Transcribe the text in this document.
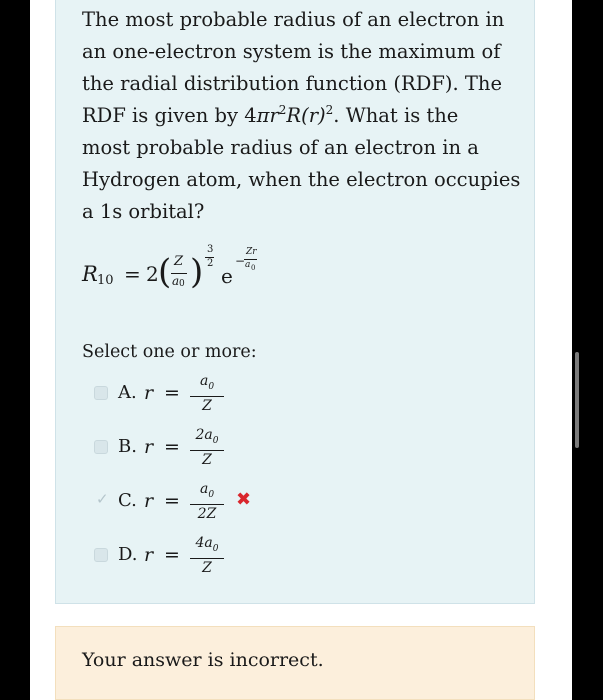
The most probable radius of an electron in
an one-electron system is the maximum of
the radial distribution function (RDF). The
RDF is given by $4\pi r^2R(r)^2$. What is the
most probable radius of an electron in a
Hydrogen atom, when the electron occupies
a 1s orbital?
R 10 = 2 ( Z
a 0 )
3
2
e
−
Zr
a 0
Select one or more:
A. $r = \frac{a_0}{Z}$
B. $r = \frac{2a_0}{Z}$
✓ C. $r = \frac{a_0}{2Z}$ ✖
D. $r = \frac{4a_0}{Z}$
Your answer is incorrect.
